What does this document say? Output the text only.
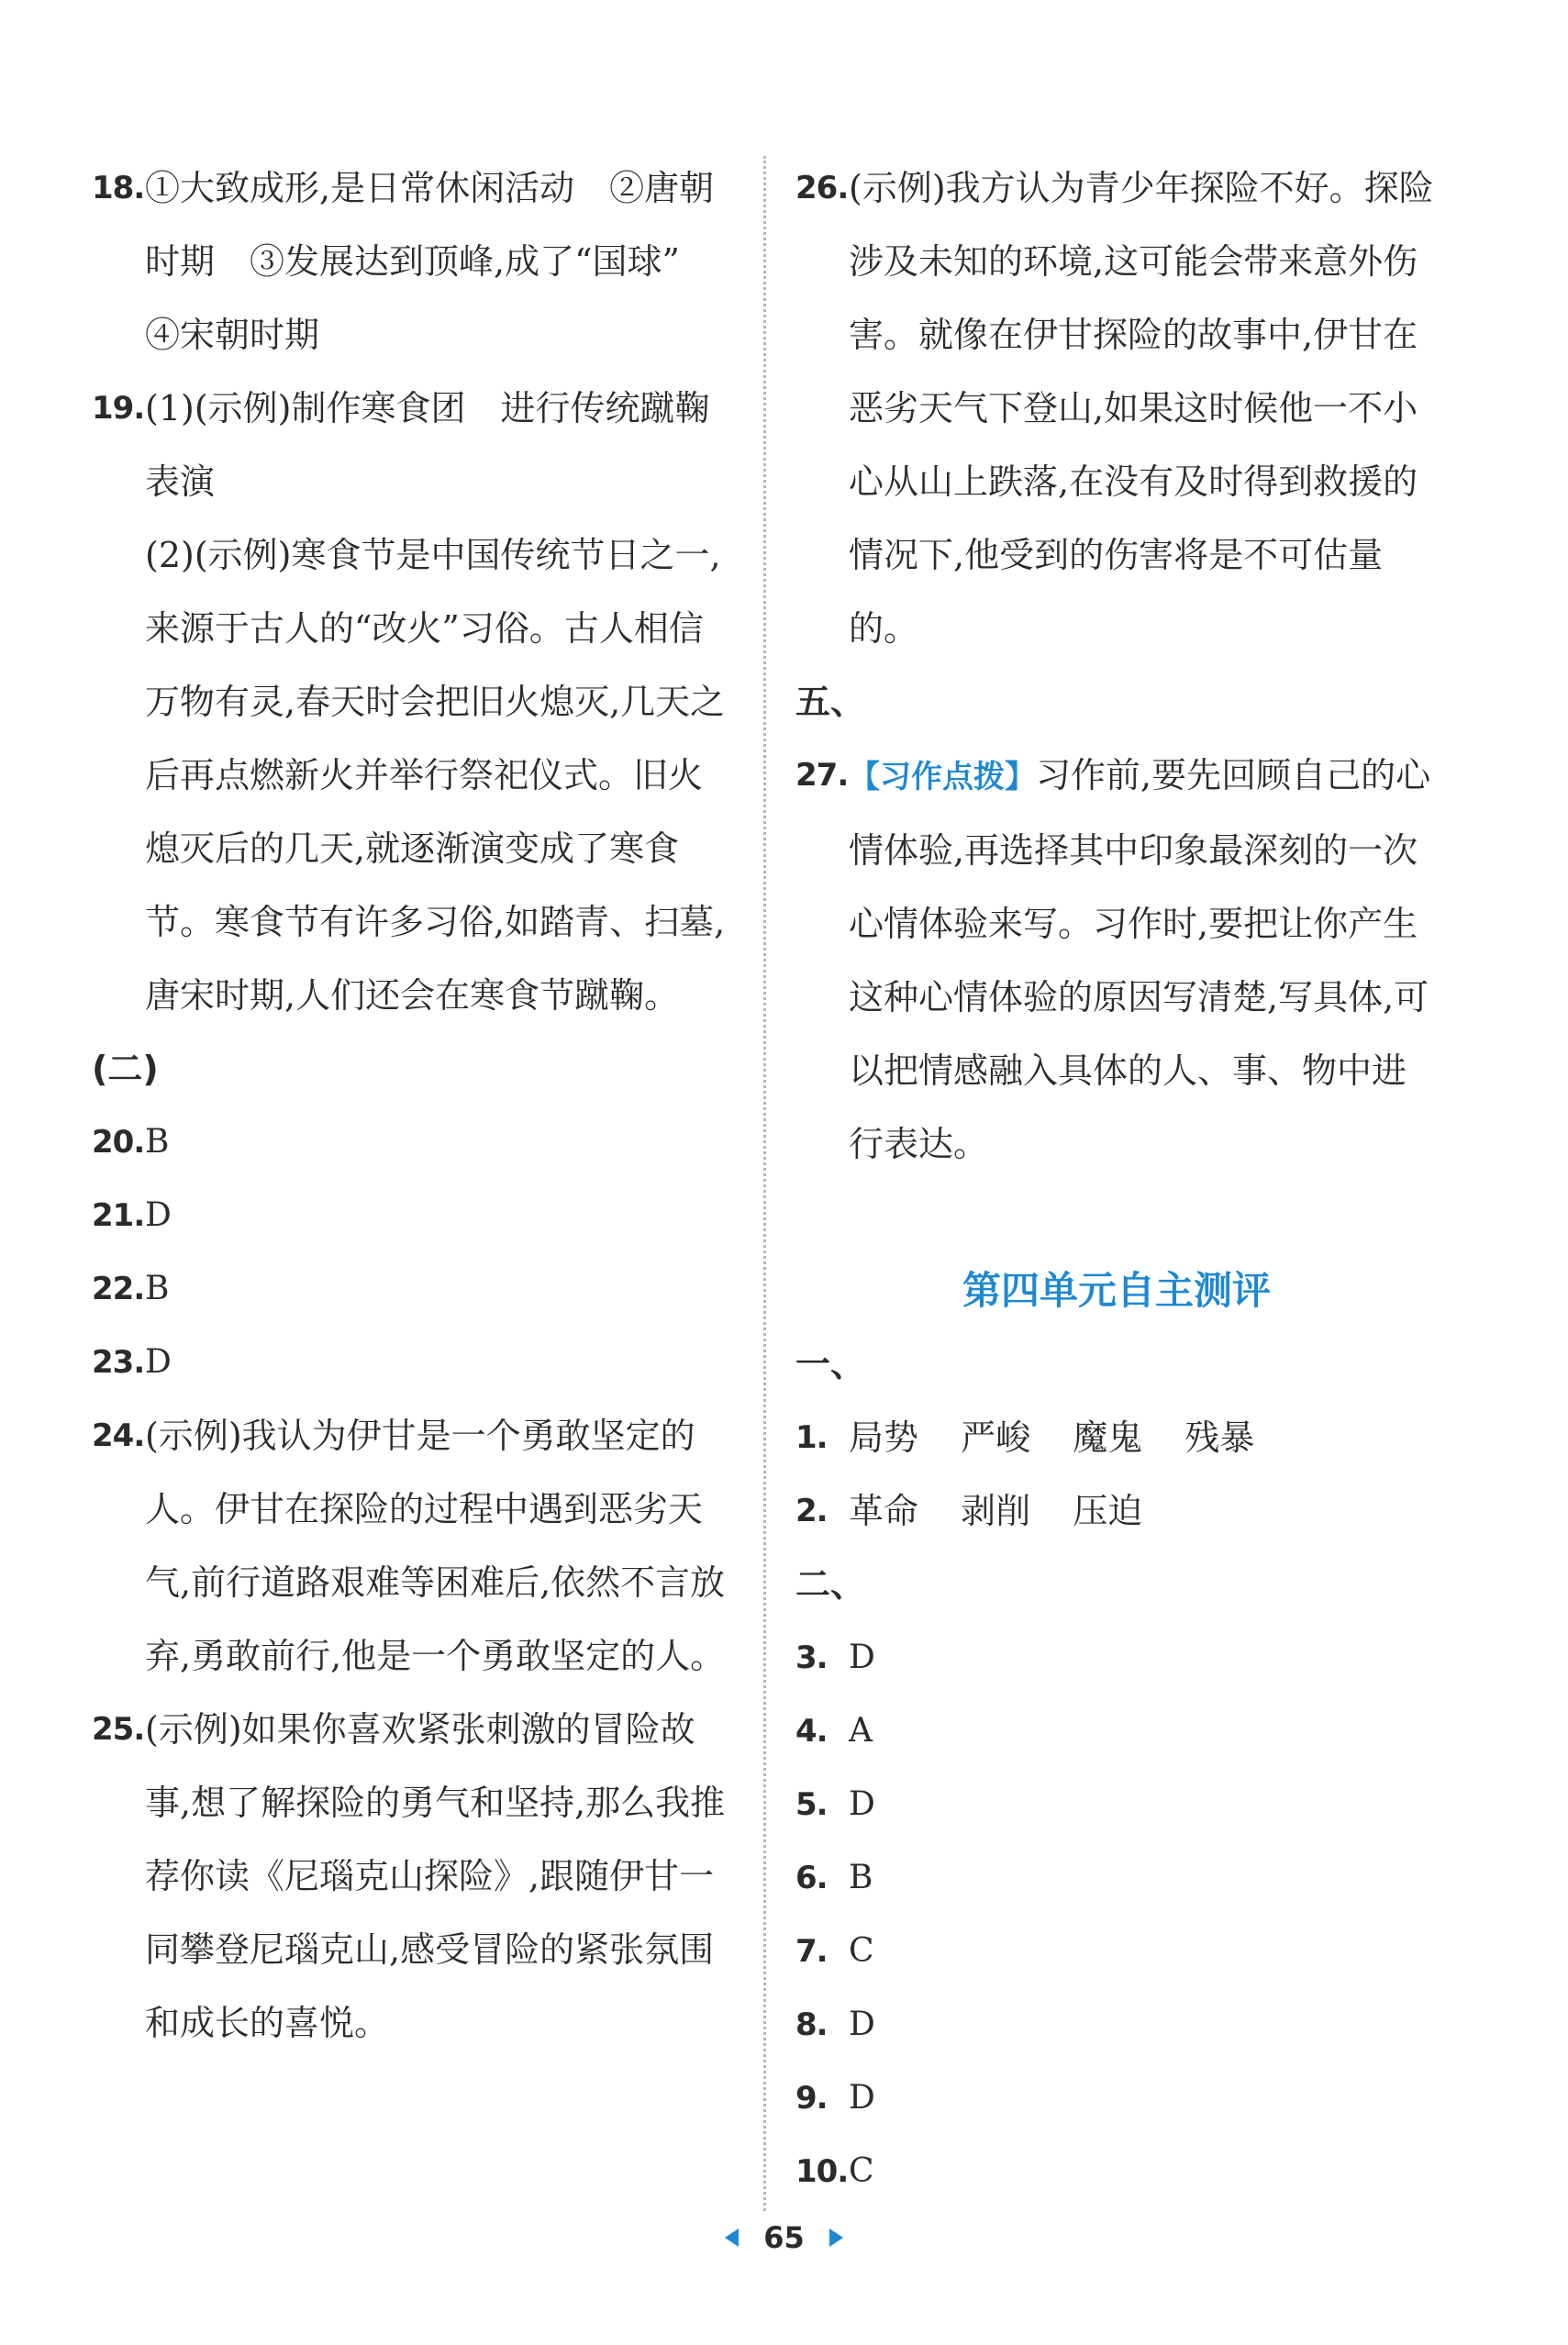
18. ①大致成形,是日常休闲活动　②唐朝时期　③发展达到顶峰,成了“国球”　④宋朝时期
19. (1)(示例)制作寒食团　进行传统蹴鞠表演
(2)(示例)寒食节是中国传统节日之一,来源于古人的“改火”习俗。古人相信万物有灵,春天时会把旧火熄灭,几天之后再点燃新火并举行祭祀仪式。旧火熄灭后的几天,就逐渐演变成了寒食节。寒食节有许多习俗,如踏青、扫墓,唐宋时期,人们还会在寒食节蹴鞠。
(二)
20. B
21. D
22. B
23. D
24. (示例)我认为伊甘是一个勇敢坚定的人。伊甘在探险的过程中遇到恶劣天气,前行道路艰难等困难后,依然不言放弃,勇敢前行,他是一个勇敢坚定的人。
25. (示例)如果你喜欢紧张刺激的冒险故事,想了解探险的勇气和坚持,那么我推荐你读《尼瑙克山探险》,跟随伊甘一同攀登尼瑙克山,感受冒险的紧张氛围和成长的喜悦。
26. (示例)我方认为青少年探险不好。探险涉及未知的环境,这可能会带来意外伤害。就像在伊甘探险的故事中,伊甘在恶劣天气下登山,如果这时候他一不小心从山上跌落,在没有及时得到救援的情况下,他受到的伤害将是不可估量的。
五、
27. 【习作点拨】习作前,要先回顾自己的心情体验,再选择其中印象最深刻的一次心情体验来写。习作时,要把让你产生这种心情体验的原因写清楚,写具体,可以把情感融入具体的人、事、物中进行表达。
第四单元自主测评
一、
1. 局势 严峻 魔鬼 残暴
2. 革命 剥削 压迫
二、
3. D
4. A
5. D
6. B
7. C
8. D
9. D
10. C
65
